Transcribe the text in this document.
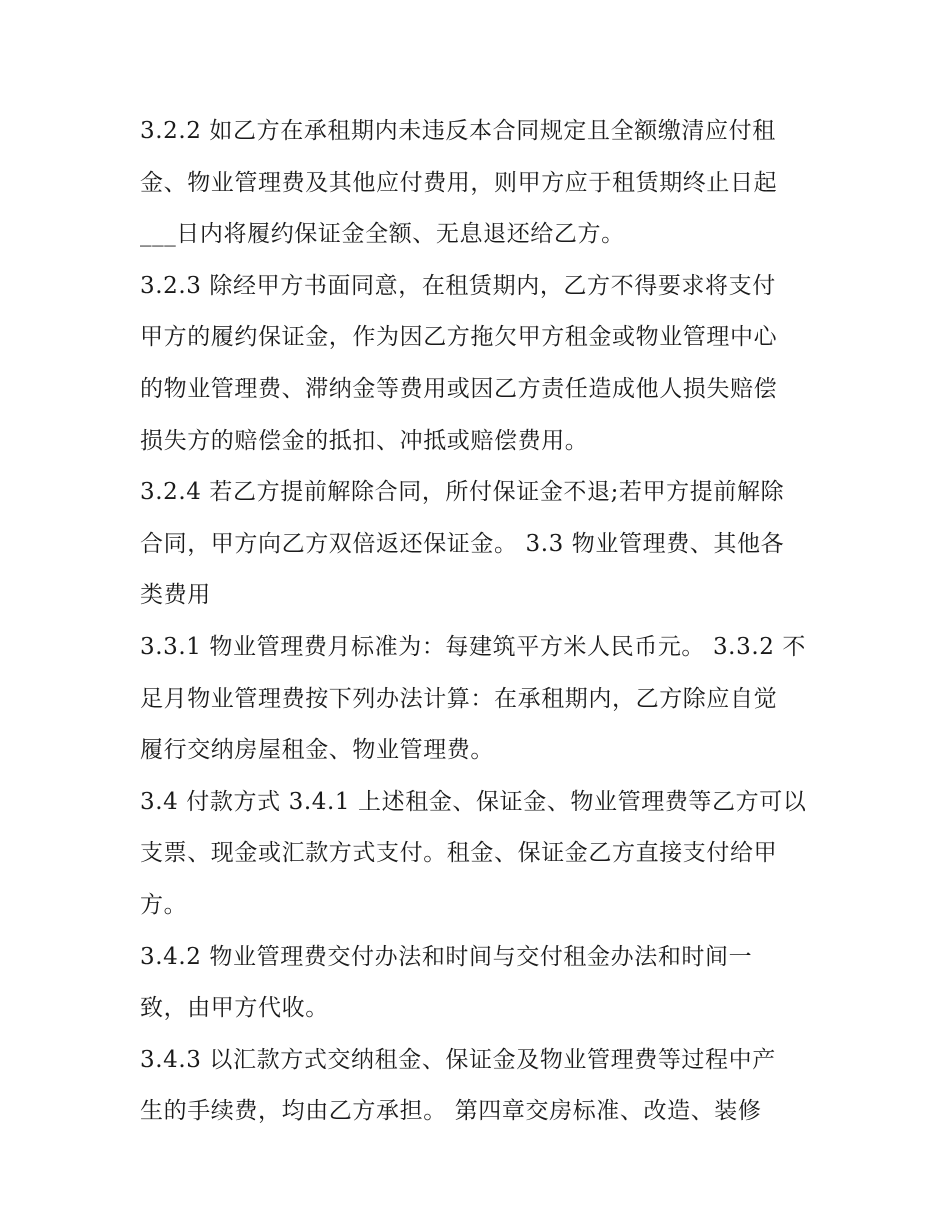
3.2.2 如乙方在承租期内未违反本合同规定且全额缴清应付租
金、物业管理费及其他应付费用，则甲方应于租赁期终止日起
___日内将履约保证金全额、无息退还给乙方。
3.2.3 除经甲方书面同意，在租赁期内，乙方不得要求将支付
甲方的履约保证金，作为因乙方拖欠甲方租金或物业管理中心
的物业管理费、滞纳金等费用或因乙方责任造成他人损失赔偿
损失方的赔偿金的抵扣、冲抵或赔偿费用。
3.2.4 若乙方提前解除合同，所付保证金不退;若甲方提前解除
合同，甲方向乙方双倍返还保证金。 3.3 物业管理费、其他各
类费用
3.3.1 物业管理费月标准为：每建筑平方米人民币元。 3.3.2 不
足月物业管理费按下列办法计算：在承租期内，乙方除应自觉
履行交纳房屋租金、物业管理费。
3.4 付款方式 3.4.1 上述租金、保证金、物业管理费等乙方可以
支票、现金或汇款方式支付。租金、保证金乙方直接支付给甲
方。
3.4.2 物业管理费交付办法和时间与交付租金办法和时间一
致，由甲方代收。
3.4.3 以汇款方式交纳租金、保证金及物业管理费等过程中产
生的手续费，均由乙方承担。 第四章交房标准、改造、装修
